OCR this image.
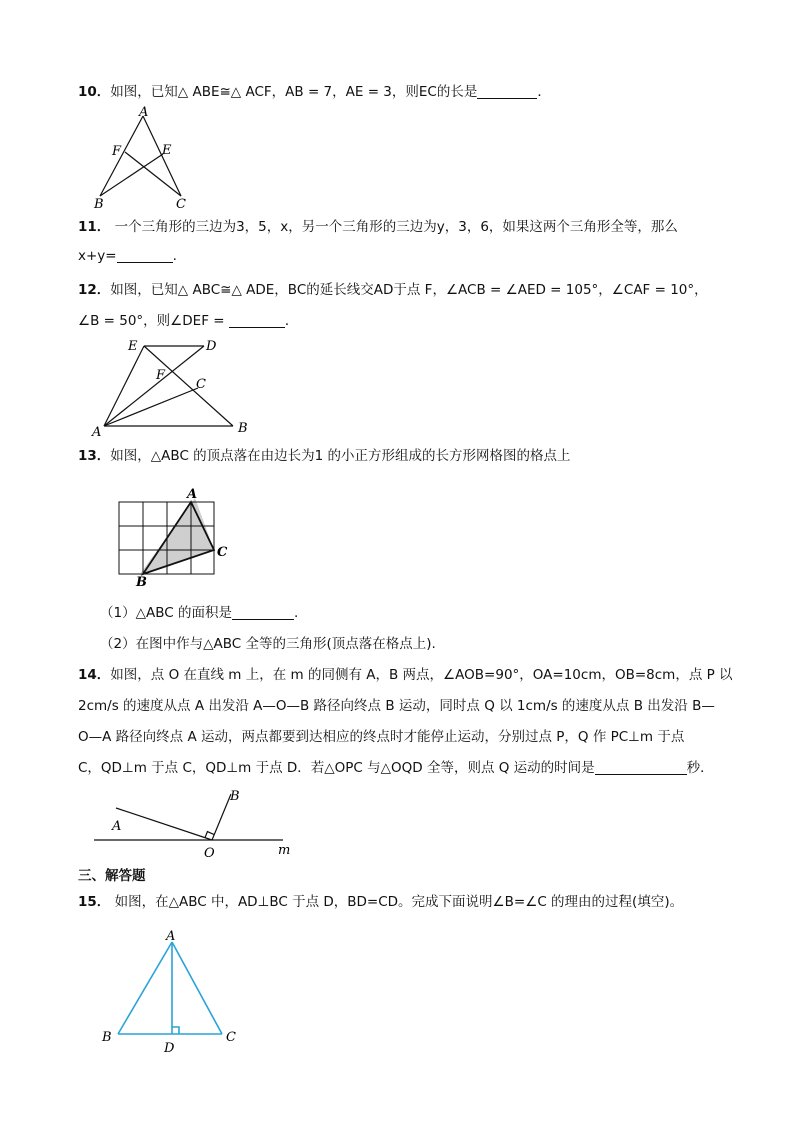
10．如图，已知△ ABE≅△ ACF，AB = 7，AE = 3，则EC的长是	．
A
F	E
B	C
11． 一个三角形的三边为3，5，x，另一个三角形的三边为y，3，6，如果这两个三角形全等，那么
x+y=	.
12．如图，已知△ ABC≅△ ADE，BC的延长线交AD于点 F，∠ACB = ∠AED = 105°，∠CAF = 10°，
∠B = 50°，则∠DEF =	．
E	D
F
C
A	B
13．如图，△ABC 的顶点落在由边长为1 的小正方形组成的长方形网格图的格点上
A
B
C
（1）△ABC 的面积是	.
（2）在图中作与△ABC 全等的三角形(顶点落在格点上).
14．如图，点 O 在直线 m 上，在 m 的同侧有 A，B 两点，∠AOB=90°，OA=10cm，OB=8cm，点 P 以
2cm/s 的速度从点 A 出发沿 A—O—B 路径向终点 B 运动，同时点 Q 以 1cm/s 的速度从点 B 出发沿 B—
O—A 路径向终点 A 运动，两点都要到达相应的终点时才能停止运动，分别过点 P，Q 作 PC⊥m 于点
C，QD⊥m 于点 C，QD⊥m 于点 D．若△OPC 与△OQD 全等，则点 Q 运动的时间是	秒．
A
B
O	m
三、解答题
15． 如图，在△ABC 中，AD⊥BC 于点 D，BD=CD。完成下面说明∠B=∠C 的理由的过程(填空)。
A
B	C
D
